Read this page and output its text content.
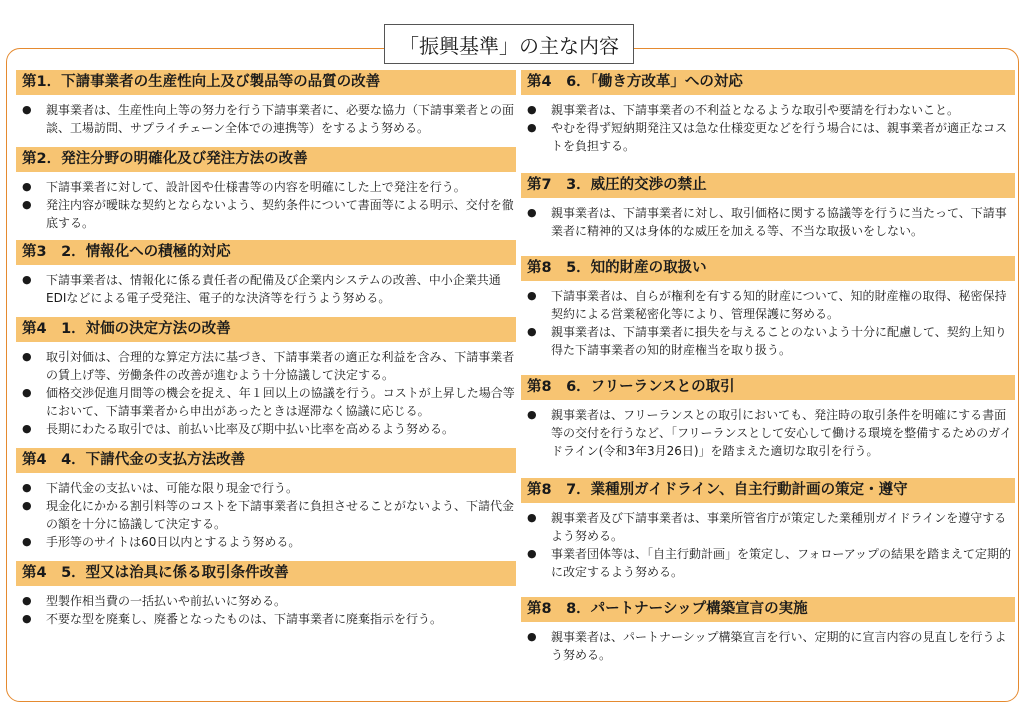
「振興基準」の主な内容
第1．下請事業者の生産性向上及び製品等の品質の改善
● 親事業者は、生産性向上等の努力を行う下請事業者に、必要な協力（下請事業者との面談、工場訪問、サプライチェーン全体での連携等）をするよう努める。
第2．発注分野の明確化及び発注方法の改善
● 下請事業者に対して、設計図や仕様書等の内容を明確にした上で発注を行う。
● 発注内容が曖昧な契約とならないよう、契約条件について書面等による明示、交付を徹底する。
第3　2．情報化への積極的対応
● 下請事業者は、情報化に係る責任者の配備及び企業内システムの改善、中小企業共通EDIなどによる電子受発注、電子的な決済等を行うよう努める。
第4　1．対価の決定方法の改善
● 取引対価は、合理的な算定方法に基づき、下請事業者の適正な利益を含み、下請事業者の賃上げ等、労働条件の改善が進むよう十分協議して決定する。
● 価格交渉促進月間等の機会を捉え、年１回以上の協議を行う。コストが上昇した場合等において、下請事業者から申出があったときは遅滞なく協議に応じる。
● 長期にわたる取引では、前払い比率及び期中払い比率を高めるよう努める。
第4　4．下請代金の支払方法改善
● 下請代金の支払いは、可能な限り現金で行う。
● 現金化にかかる割引料等のコストを下請事業者に負担させることがないよう、下請代金の額を十分に協議して決定する。
● 手形等のサイトは60日以内とするよう努める。
第4　5．型又は治具に係る取引条件改善
● 型製作相当費の一括払いや前払いに努める。
● 不要な型を廃棄し、廃番となったものは、下請事業者に廃棄指示を行う。
第4　6．「働き方改革」への対応
● 親事業者は、下請事業者の不利益となるような取引や要請を行わないこと。
● やむを得ず短納期発注又は急な仕様変更などを行う場合には、親事業者が適正なコストを負担する。
第7　3．威圧的交渉の禁止
● 親事業者は、下請事業者に対し、取引価格に関する協議等を行うに当たって、下請事業者に精神的又は身体的な威圧を加える等、不当な取扱いをしない。
第8　5．知的財産の取扱い
● 下請事業者は、自らが権利を有する知的財産について、知的財産権の取得、秘密保持契約による営業秘密化等により、管理保護に努める。
● 親事業者は、下請事業者に損失を与えることのないよう十分に配慮して、契約上知り得た下請事業者の知的財産権当を取り扱う。
第8　6．フリーランスとの取引
● 親事業者は、フリーランスとの取引においても、発注時の取引条件を明確にする書面等の交付を行うなど、「フリーランスとして安心して働ける環境を整備するためのガイドライン(令和3年3月26日)」を踏まえた適切な取引を行う。
第8　7．業種別ガイドライン、自主行動計画の策定・遵守
● 親事業者及び下請事業者は、事業所管省庁が策定した業種別ガイドラインを遵守するよう努める。
● 事業者団体等は、「自主行動計画」を策定し、フォローアップの結果を踏まえて定期的に改定するよう努める。
第8　8．パートナーシップ構築宣言の実施
● 親事業者は、パートナーシップ構築宣言を行い、定期的に宣言内容の見直しを行うよう努める。
